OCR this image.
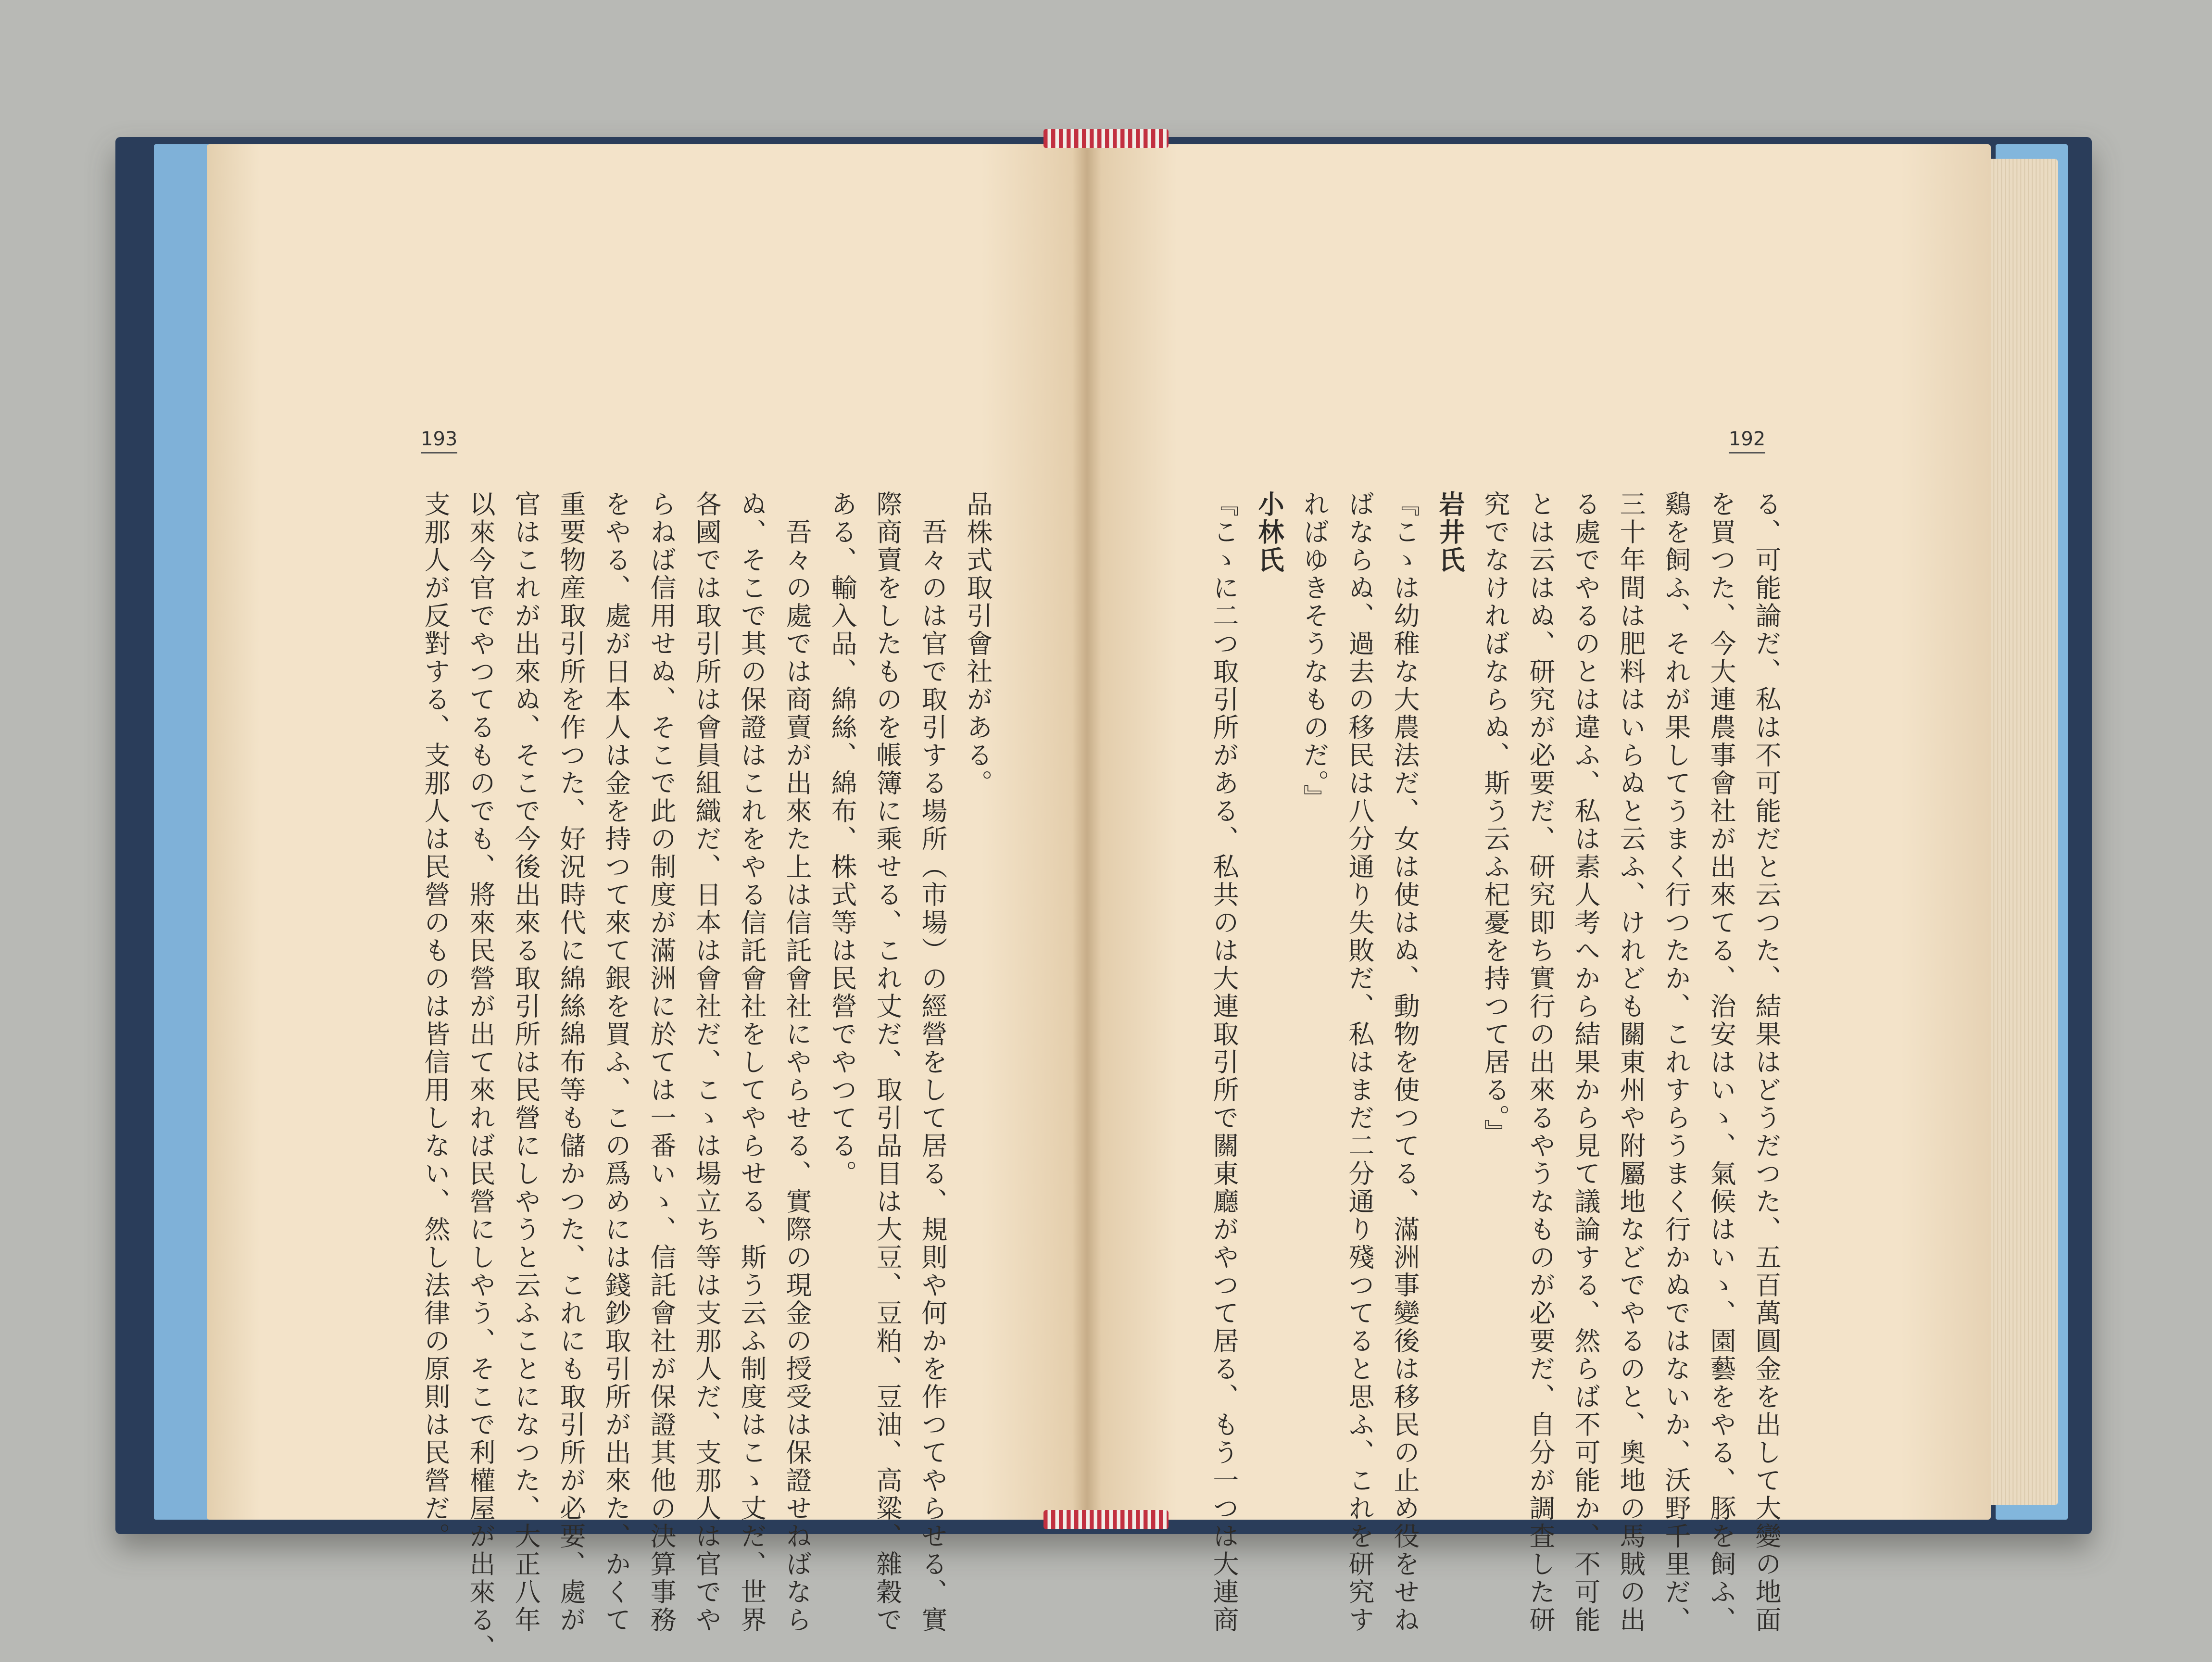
193
品株式取引會社がある。
　吾々のは官で取引する場所（市場）の經營をして居る、規則や何かを作つてやらせる、實
際商賣をしたものを帳簿に乘せる、これ丈だ、取引品目は大豆、豆粕、豆油、高粱、雜穀で
ある、輸入品、綿絲、綿布、株式等は民營でやつてる。
　吾々の處では商賣が出來た上は信託會社にやらせる、實際の現金の授受は保證せねばなら
ぬ、そこで其の保證はこれをやる信託會社をしてやらせる、斯う云ふ制度はこゝ丈だ、世界
各國では取引所は會員組織だ、日本は會社だ、こゝは場立ち等は支那人だ、支那人は官でや
らねば信用せぬ、そこで此の制度が滿洲に於ては一番いゝ、信託會社が保證其他の決算事務
をやる、處が日本人は金を持つて來て銀を買ふ、この爲めには錢鈔取引所が出來た、かくて
重要物産取引所を作つた、好況時代に綿絲綿布等も儲かつた、これにも取引所が必要、處が
官はこれが出來ぬ、そこで今後出來る取引所は民營にしやうと云ふことになつた、大正八年
以來今官でやつてるものでも、將來民營が出て來れば民營にしやう、そこで利權屋が出來る、
支那人が反對する、支那人は民營のものは皆信用しない、然し法律の原則は民營だ。
192
る、可能論だ、私は不可能だと云つた、結果はどうだつた、五百萬圓金を出して大變の地面
を買つた、今大連農事會社が出來てる、治安はいゝ、氣候はいゝ、園藝をやる、豚を飼ふ、
鷄を飼ふ、それが果してうまく行つたか、これすらうまく行かぬではないか、沃野千里だ、
三十年間は肥料はいらぬと云ふ、けれども關東州や附屬地などでやるのと、奧地の馬賊の出
る處でやるのとは違ふ、私は素人考へから結果から見て議論する、然らば不可能か、不可能
とは云はぬ、研究が必要だ、研究即ち實行の出來るやうなものが必要だ、自分が調査した研
究でなければならぬ、斯う云ふ杞憂を持つて居る。』
岩井氏
『こゝは幼稚な大農法だ、女は使はぬ、動物を使つてる、滿洲事變後は移民の止め役をせね
ばならぬ、過去の移民は八分通り失敗だ、私はまだ二分通り殘つてると思ふ、これを研究す
ればゆきそうなものだ。』
小林氏
『こゝに二つ取引所がある、私共のは大連取引所で關東廳がやつて居る、もう一つは大連商
